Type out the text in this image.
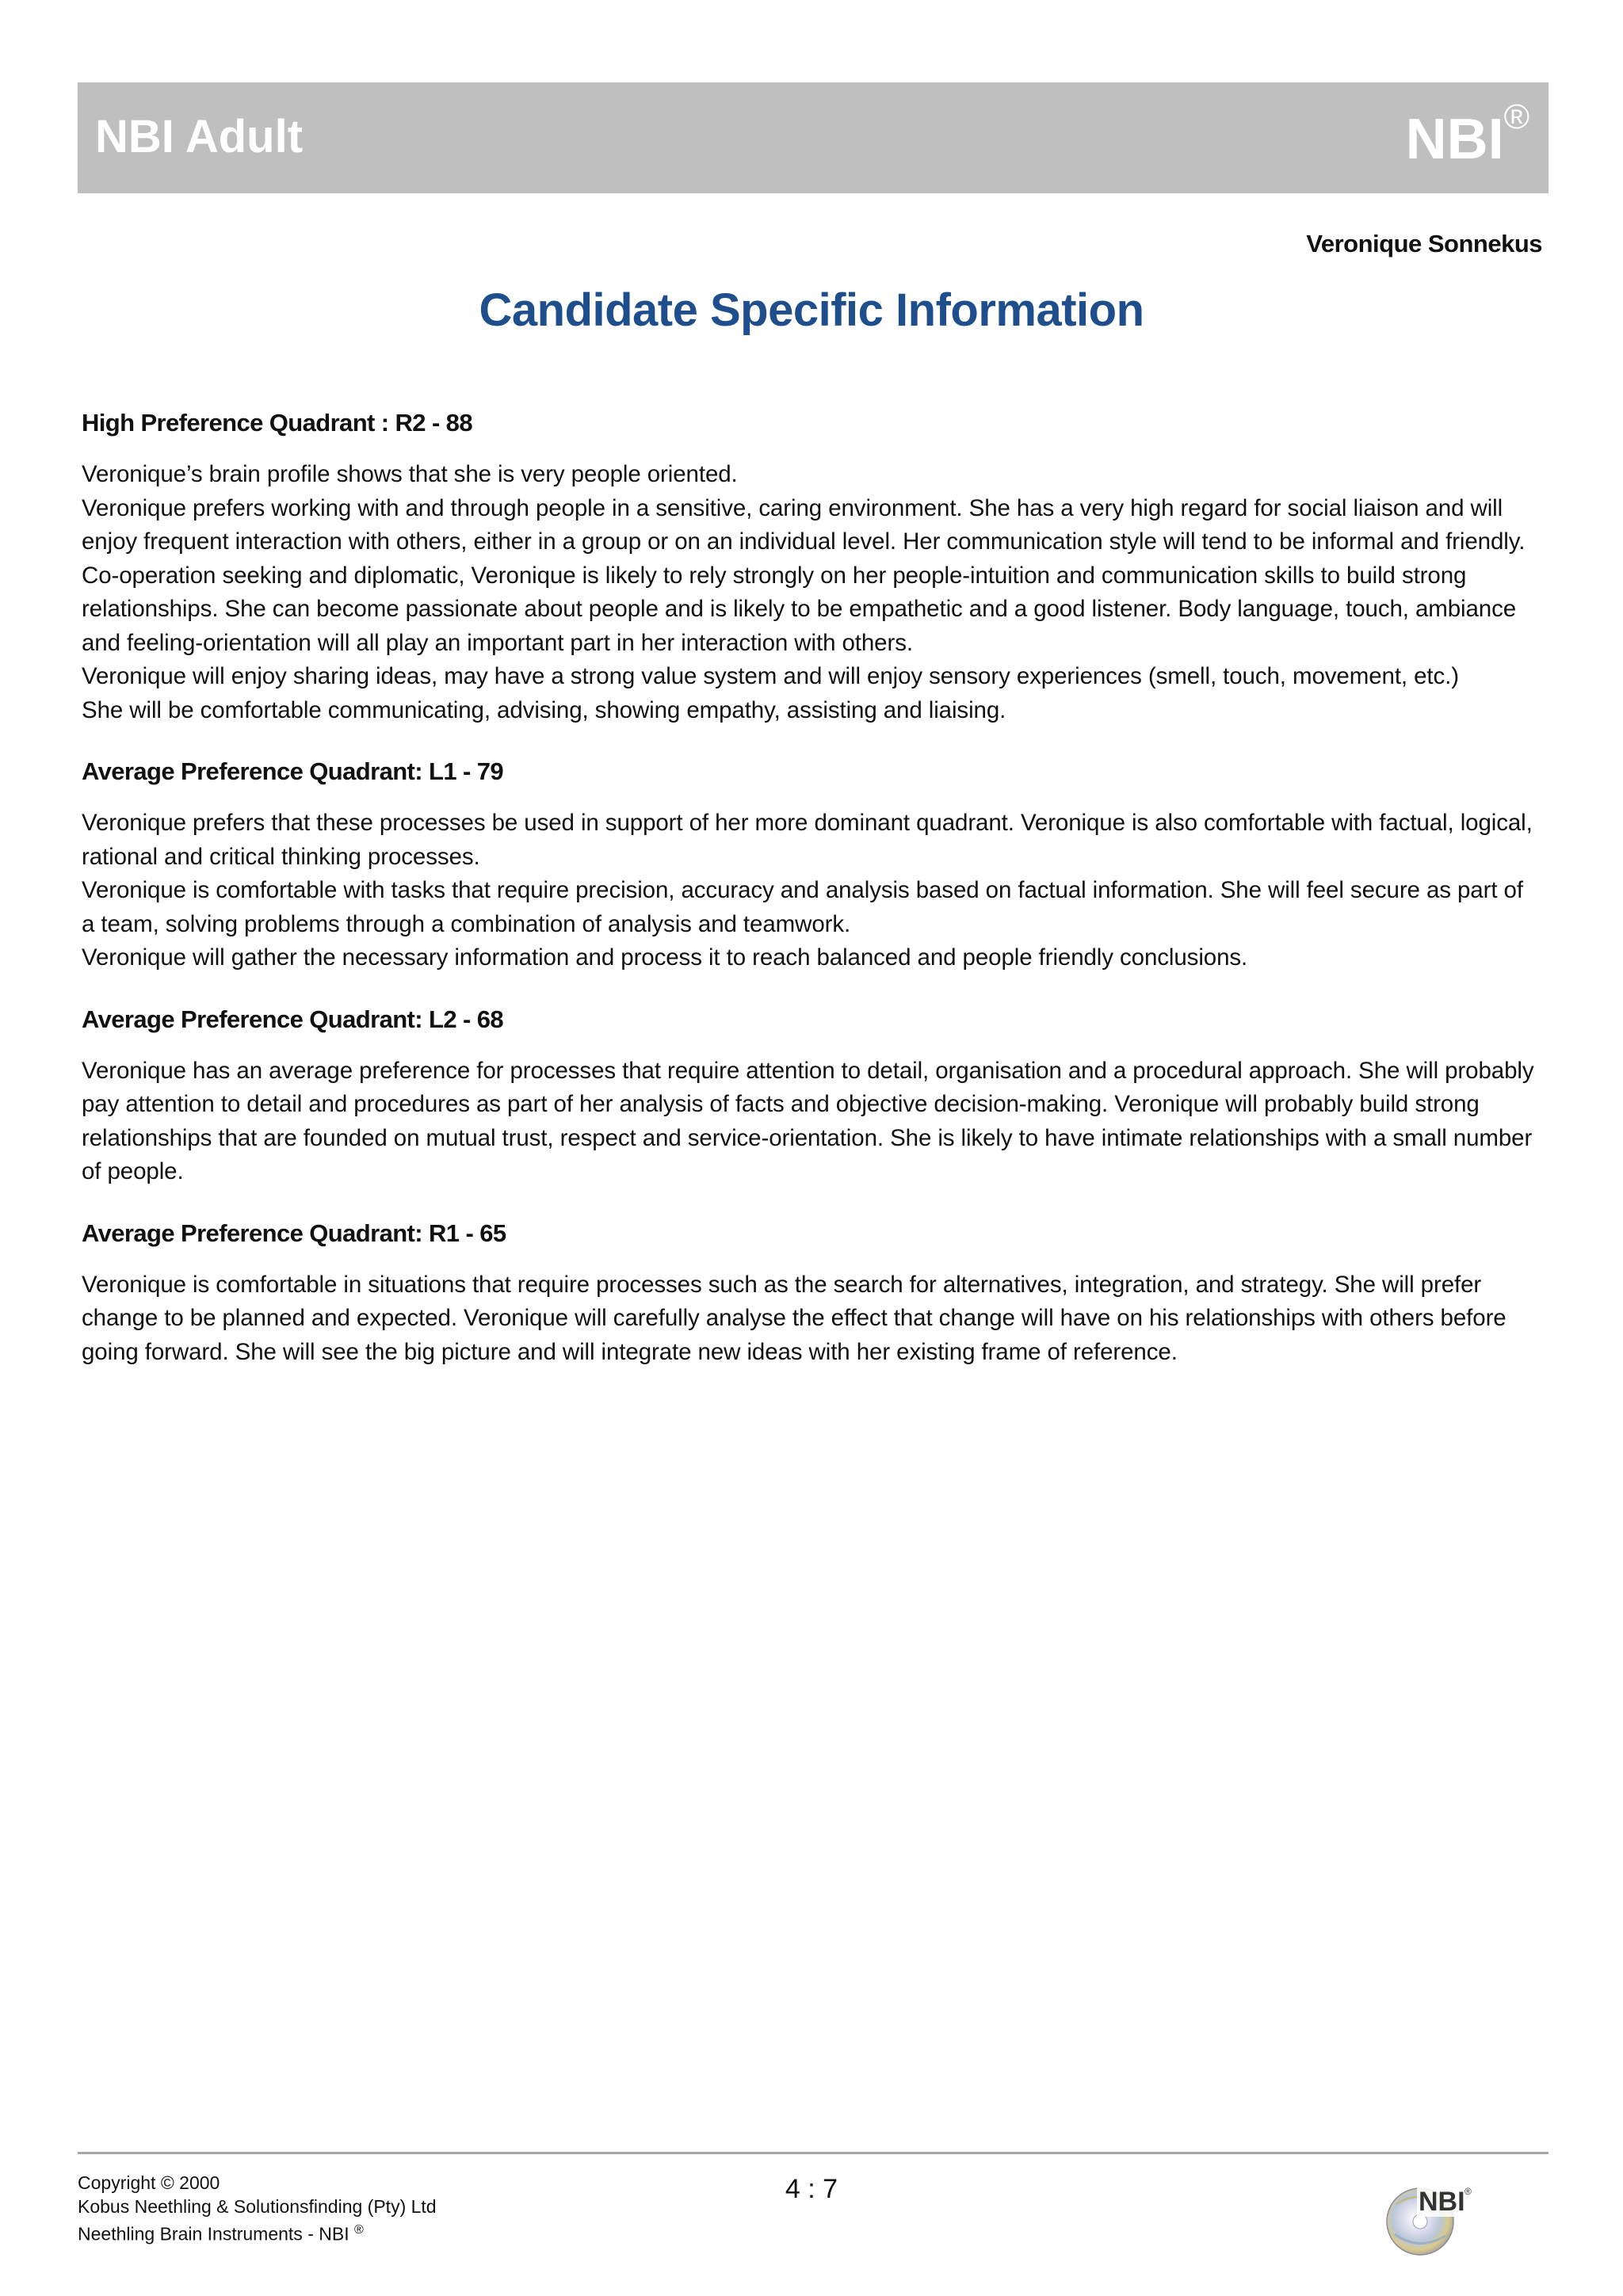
NBI Adult	NBI®
Veronique Sonnekus
Candidate Specific Information
High Preference Quadrant : R2 - 88

Veronique’s brain profile shows that she is very people oriented.

Veronique prefers working with and through people in a sensitive, caring environment. She has a very high regard for social liaison and will enjoy frequent interaction with others, either in a group or on an individual level. Her communication style will tend to be informal and friendly. Co-operation seeking and diplomatic, Veronique is likely to rely strongly on her people-intuition and communication skills to build strong relationships. She can become passionate about people and is likely to be empathetic and a good listener. Body language, touch, ambiance and feeling-orientation will all play an important part in her interaction with others.

Veronique will enjoy sharing ideas, may have a strong value system and will enjoy sensory experiences (smell, touch, movement, etc.)

She will be comfortable communicating, advising, showing empathy, assisting and liaising.

Average Preference Quadrant: L1 - 79

Veronique prefers that these processes be used in support of her more dominant quadrant. Veronique is also comfortable with factual, logical, rational and critical thinking processes.

Veronique is comfortable with tasks that require precision, accuracy and analysis based on factual information. She will feel secure as part of a team, solving problems through a combination of analysis and teamwork.

Veronique will gather the necessary information and process it to reach balanced and people friendly conclusions.

Average Preference Quadrant: L2 - 68

Veronique has an average preference for processes that require attention to detail, organisation and a procedural approach. She will probably pay attention to detail and procedures as part of her analysis of facts and objective decision-making. Veronique will probably build strong relationships that are founded on mutual trust, respect and service-orientation. She is likely to have intimate relationships with a small number of people.

Average Preference Quadrant: R1 - 65

Veronique is comfortable in situations that require processes such as the search for alternatives, integration, and strategy. She will prefer change to be planned and expected. Veronique will carefully analyse the effect that change will have on his relationships with others before going forward. She will see the big picture and will integrate new ideas with her existing frame of reference.

Copyright © 2000
Kobus Neethling & Solutionsfinding (Pty) Ltd
Neethling Brain Instruments - NBI ®
4 : 7	NBI ®
